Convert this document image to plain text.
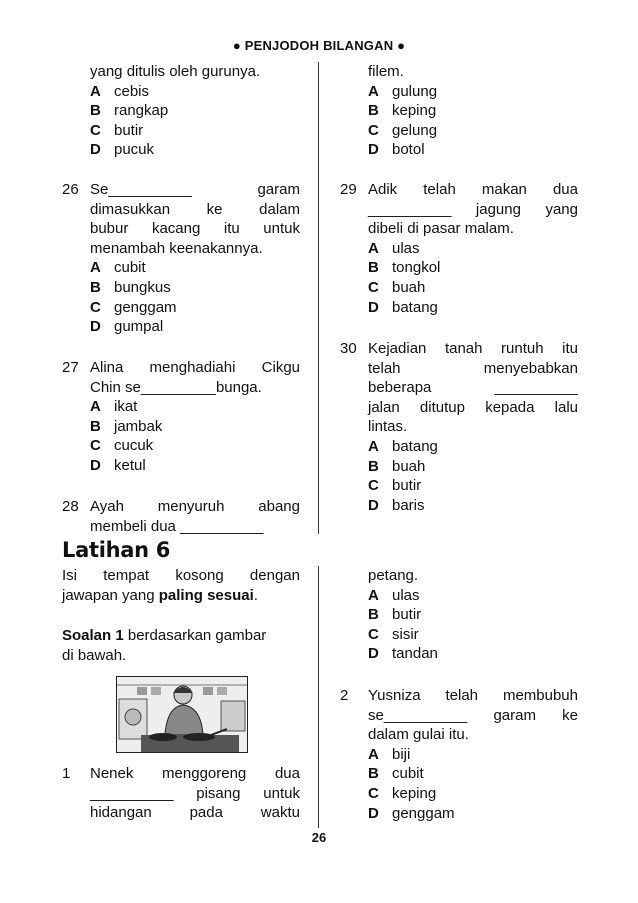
● PENJODOH BILANGAN ●
yang ditulis oleh gurunya.
A cebis
B rangkap
C butir
D pucuk
26 Se__________ garam
dimasukkan ke dalam
bubur kacang itu untuk
menambah keenakannya.
A cubit
B bungkus
C genggam
D gumpal
27 Alina menghadiahi Cikgu
Chin se_________bunga.
A ikat
B jambak
C cucuk
D ketul
28 Ayah menyuruh abang
membeli dua __________
filem.
A gulung
B keping
C gelung
D botol
29 Adik telah makan dua
__________ jagung yang
dibeli di pasar malam.
A ulas
B tongkol
C buah
D batang
30 Kejadian tanah runtuh itu
telah menyebabkan
beberapa __________
jalan ditutup kepada lalu
lintas.
A batang
B buah
C butir
D baris
Latihan 6
Isi tempat kosong dengan
jawapan yang paling sesuai.
Soalan 1 berdasarkan gambar
di bawah.
1 Nenek menggoreng dua
__________ pisang untuk
hidangan pada waktu
petang.
A ulas
B butir
C sisir
D tandan
2 Yusniza telah membubuh
se__________ garam ke
dalam gulai itu.
A biji
B cubit
C keping
D genggam
26
